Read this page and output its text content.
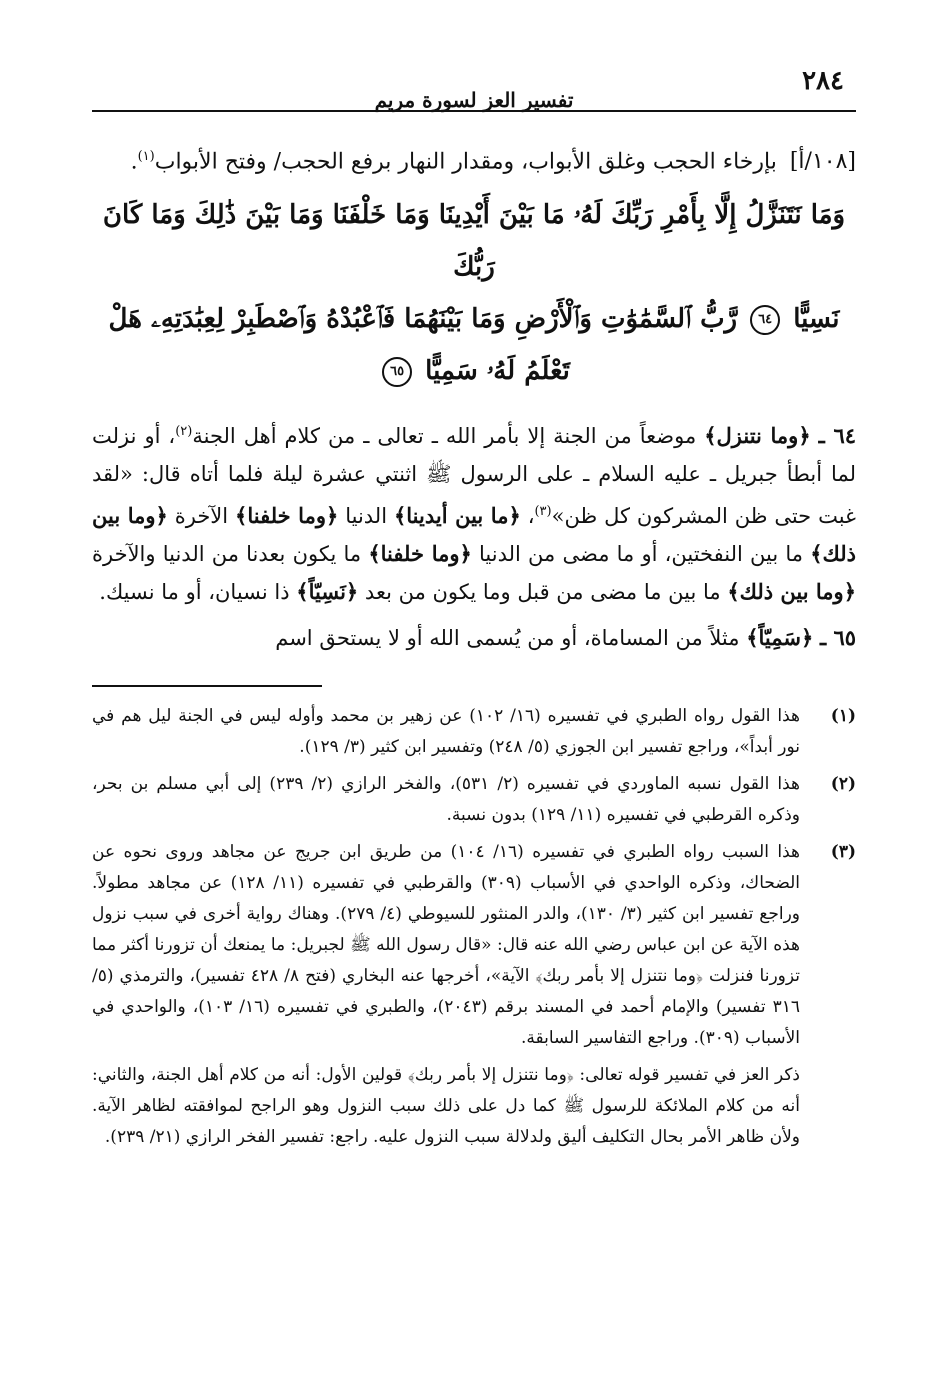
٢٨٤
تفسير العز لسورة مريم
[١٠٨/أ] بإرخاء الحجب وغلق الأبواب، ومقدار النهار برفع الحجب/ وفتح الأبواب$^{(١)}$.
وَمَا نَتَنَزَّلُ إِلَّا بِأَمْرِ رَبِّكَ لَهُۥ مَا بَيْنَ أَيْدِينَا وَمَا خَلْفَنَا وَمَا بَيْنَ ذَٰلِكَ وَمَا كَانَ رَبُّكَ
نَسِيًّا ٦٤ رَّبُّ ٱلسَّمَٰوَٰتِ وَٱلْأَرْضِ وَمَا بَيْنَهُمَا فَٱعْبُدْهُ وَٱصْطَبِرْ لِعِبَٰدَتِهِۦ هَلْ تَعْلَمُ لَهُۥ سَمِيًّا ٦٥

٦٤ ـ ﴿وما نتنزل﴾ موضعاً من الجنة إلا بأمر الله ـ تعالى ـ من كلام أهل الجنة$^{(٢)}$، أو نزلت لما أبطأ جبريل ـ عليه السلام ـ على الرسول ﷺ اثنتي عشرة ليلة فلما أتاه قال: «لقد غبت حتى ظن المشركون كل ظن»$^{(٣)}$، ﴿ما بين أيدينا﴾ الدنيا ﴿وما خلفنا﴾ الآخرة ﴿وما بين ذلك﴾ ما بين النفختين، أو ما مضى من الدنيا ﴿وما خلفنا﴾ ما يكون بعدنا من الدنيا والآخرة ﴿وما بين ذلك﴾ ما بين ما مضى من قبل وما يكون من بعد ﴿نَسِيّاً﴾ ذا نسيان، أو ما نسيك.

٦٥ ـ ﴿سَمِيّاً﴾ مثلاً من المساماة، أو من يُسمى الله أو لا يستحق اسم

(١)
هذا القول رواه الطبري في تفسيره (١٦/ ١٠٢) عن زهير بن محمد وأوله ليس في الجنة ليل هم في نور أبداً»، وراجع تفسير ابن الجوزي (٥/ ٢٤٨) وتفسير ابن كثير (٣/ ١٢٩).
(٢)
هذا القول نسبه الماوردي في تفسيره (٢/ ٥٣١)، والفخر الرازي (٢/ ٢٣٩) إلى أبي مسلم بن بحر، وذكره القرطبي في تفسيره (١١/ ١٢٩) بدون نسبة.
(٣)
هذا السبب رواه الطبري في تفسيره (١٦/ ١٠٤) من طريق ابن جريج عن مجاهد وروى نحوه عن الضحاك، وذكره الواحدي في الأسباب (٣٠٩) والقرطبي في تفسيره (١١/ ١٢٨) عن مجاهد مطولاً. وراجع تفسير ابن كثير (٣/ ١٣٠)، والدر المنثور للسيوطي (٤/ ٢٧٩). وهناك رواية أخرى في سبب نزول هذه الآية عن ابن عباس رضي الله عنه قال: «قال رسول الله ﷺ لجبريل: ما يمنعك أن تزورنا أكثر مما تزورنا فنزلت ﴿وما نتنزل إلا بأمر ربك﴾ الآية»، أخرجها عنه البخاري (فتح ٨/ ٤٢٨ تفسير)، والترمذي (٥/ ٣١٦ تفسير) والإمام أحمد في المسند برقم (٢٠٤٣)، والطبري في تفسيره (١٦/ ١٠٣)، والواحدي في الأسباب (٣٠٩). وراجع التفاسير السابقة.
ذكر العز في تفسير قوله تعالى: ﴿وما نتنزل إلا بأمر ربك﴾ قولين الأول: أنه من كلام أهل الجنة، والثاني: أنه من كلام الملائكة للرسول ﷺ كما دل على ذلك سبب النزول وهو الراجح لموافقته لظاهر الآية. ولأن ظاهر الأمر بحال التكليف أليق ولدلالة سبب النزول عليه. راجع: تفسير الفخر الرازي (٢١/ ٢٣٩).
